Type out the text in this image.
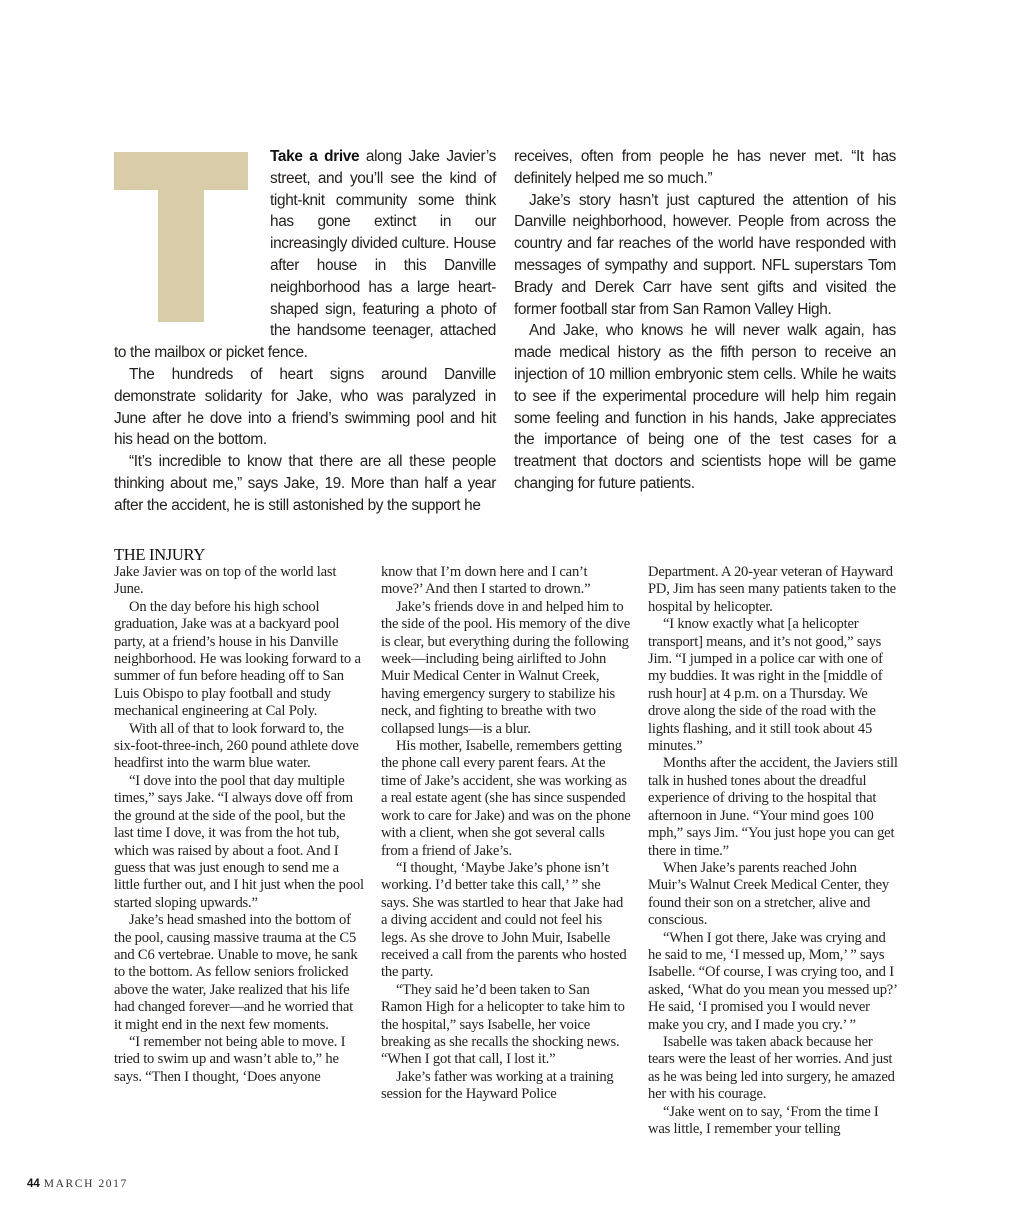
Take a drive along Jake Javier’s street, and you’ll see the kind of tight-knit community some think has gone extinct in our increasingly divided culture. House after house in this Danville neighborhood has a large heart-shaped sign, featuring a photo of the handsome teenager, attached to the mailbox or picket fence.

The hundreds of heart signs around Danville demonstrate solidarity for Jake, who was paralyzed in June after he dove into a friend’s swimming pool and hit his head on the bottom.

“It’s incredible to know that there are all these people thinking about me,” says Jake, 19. More than half a year after the accident, he is still astonished by the support he

receives, often from people he has never met. “It has definitely helped me so much.”

Jake’s story hasn’t just captured the attention of his Danville neighborhood, however. People from across the country and far reaches of the world have responded with messages of sympathy and support. NFL superstars Tom Brady and Derek Carr have sent gifts and visited the former football star from San Ramon Valley High.

And Jake, who knows he will never walk again, has made medical history as the fifth person to receive an injection of 10 million embryonic stem cells. While he waits to see if the experimental procedure will help him regain some feeling and function in his hands, Jake appreciates the importance of being one of the test cases for a treatment that doctors and scientists hope will be game changing for future patients.

THE INJURY

Jake Javier was on top of the world last June.

On the day before his high school graduation, Jake was at a backyard pool party, at a friend’s house in his Danville neighborhood. He was looking forward to a summer of fun before heading off to San Luis Obispo to play football and study mechanical engineering at Cal Poly.

With all of that to look forward to, the six-foot-three-inch, 260 pound athlete dove headfirst into the warm blue water.

“I dove into the pool that day multiple times,” says Jake. “I always dove off from the ground at the side of the pool, but the last time I dove, it was from the hot tub, which was raised by about a foot. And I guess that was just enough to send me a little further out, and I hit just when the pool started sloping upwards.”

Jake’s head smashed into the bottom of the pool, causing massive trauma at the C5 and C6 vertebrae. Unable to move, he sank to the bottom. As fellow seniors frolicked above the water, Jake realized that his life had changed forever—and he worried that it might end in the next few moments.

“I remember not being able to move. I tried to swim up and wasn’t able to,” he says. “Then I thought, ‘Does anyone

know that I’m down here and I can’t move?’ And then I started to drown.”

Jake’s friends dove in and helped him to the side of the pool. His memory of the dive is clear, but everything during the following week—including being airlifted to John Muir Medical Center in Walnut Creek, having emergency surgery to stabilize his neck, and fighting to breathe with two collapsed lungs—is a blur.

His mother, Isabelle, remembers getting the phone call every parent fears. At the time of Jake’s accident, she was working as a real estate agent (she has since suspended work to care for Jake) and was on the phone with a client, when she got several calls from a friend of Jake’s.

“I thought, ‘Maybe Jake’s phone isn’t working. I’d better take this call,’ ” she says. She was startled to hear that Jake had a diving accident and could not feel his legs. As she drove to John Muir, Isabelle received a call from the parents who hosted the party.

“They said he’d been taken to San Ramon High for a helicopter to take him to the hospital,” says Isabelle, her voice breaking as she recalls the shocking news. “When I got that call, I lost it.”

Jake’s father was working at a training session for the Hayward Police

Department. A 20-year veteran of Hayward PD, Jim has seen many patients taken to the hospital by helicopter.

“I know exactly what [a helicopter transport] means, and it’s not good,” says Jim. “I jumped in a police car with one of my buddies. It was right in the [middle of rush hour] at 4 p.m. on a Thursday. We drove along the side of the road with the lights flashing, and it still took about 45 minutes.”

Months after the accident, the Javiers still talk in hushed tones about the dreadful experience of driving to the hospital that afternoon in June. “Your mind goes 100 mph,” says Jim. “You just hope you can get there in time.”

When Jake’s parents reached John Muir’s Walnut Creek Medical Center, they found their son on a stretcher, alive and conscious.

“When I got there, Jake was crying and he said to me, ‘I messed up, Mom,’ ” says Isabelle. “Of course, I was crying too, and I asked, ‘What do you mean you messed up?’ He said, ‘I promised you I would never make you cry, and I made you cry.’ ”

Isabelle was taken aback because her tears were the least of her worries. And just as he was being led into surgery, he amazed her with his courage.

“Jake went on to say, ‘From the time I was little, I remember your telling

44 MARCH 2017
